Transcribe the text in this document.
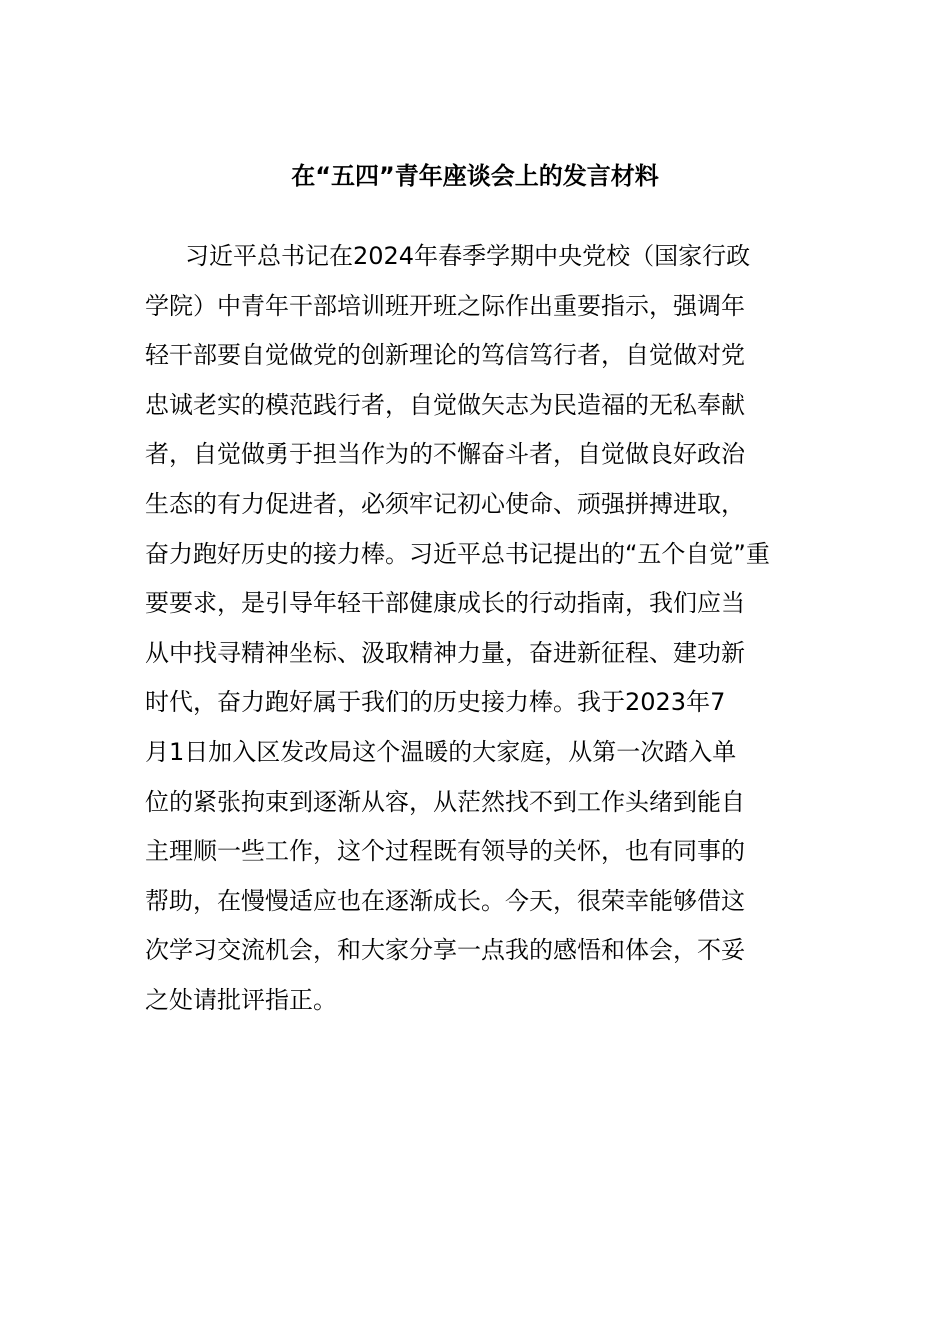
在“五四”青年座谈会上的发言材料
习近平总书记在2024年春季学期中央党校（国家行政
学院）中青年干部培训班开班之际作出重要指示，强调年
轻干部要自觉做党的创新理论的笃信笃行者，自觉做对党
忠诚老实的模范践行者，自觉做矢志为民造福的无私奉献
者，自觉做勇于担当作为的不懈奋斗者，自觉做良好政治
生态的有力促进者，必须牢记初心使命、顽强拼搏进取，
奋力跑好历史的接力棒。习近平总书记提出的“五个自觉”重
要要求，是引导年轻干部健康成长的行动指南，我们应当
从中找寻精神坐标、汲取精神力量，奋进新征程、建功新
时代，奋力跑好属于我们的历史接力棒。我于2023年7
月1日加入区发改局这个温暖的大家庭，从第一次踏入单
位的紧张拘束到逐渐从容，从茫然找不到工作头绪到能自
主理顺一些工作，这个过程既有领导的关怀，也有同事的
帮助，在慢慢适应也在逐渐成长。今天，很荣幸能够借这
次学习交流机会，和大家分享一点我的感悟和体会，不妥
之处请批评指正。
